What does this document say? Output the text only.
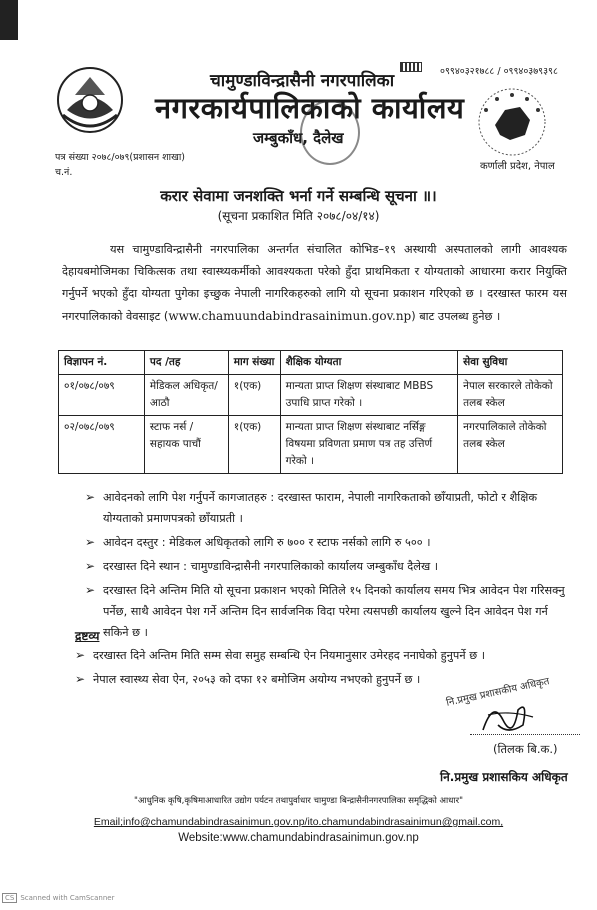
०९९४०३२१७८८ / ०९९४०३७९३९८
चामुण्डाविन्द्रासैनी नगरपालिका
नगरकार्यपालिकाको कार्यालय
जम्बुकाँध, दैलेख
पत्र संख्या २०७८/०७९(प्रशासन शाखा)
च.नं.
कर्णाली प्रदेश, नेपाल
करार सेवामा जनशक्ति भर्ना गर्ने सम्बन्धि सूचना ॥।
(सूचना प्रकाशित मिति २०७८/०४/१४)
यस चामुण्डाविन्द्रासैनी नगरपालिका अन्तर्गत संचालित कोभिड–१९ अस्थायी अस्पतालको लागी आवश्यक देहायबमोजिमका चिकित्सक तथा स्वास्थ्यकर्मीको आवश्यकता परेको हुँदा प्राथमिकता र योग्यताको आधारमा करार नियुक्ति गर्नुपर्ने भएको हुँदा योग्यता पुगेका इच्छुक नेपाली नागरिकहरुको लागि यो सूचना प्रकाशन गरिएको छ । दरखास्त फारम यस नगरपालिकाको वेवसाइट (www.chamuundabindrasainimun.gov.np) बाट उपलब्ध हुनेछ ।
विज्ञापन नं.	पद /तह	माग संख्या	शैक्षिक योग्यता	सेवा सुविधा
०१/०७८/०७९	मेडिकल अधिकृत/आठौ	१(एक)	मान्यता प्राप्त शिक्षण संस्थाबाट MBBS उपाधि प्राप्त गरेको ।	नेपाल सरकारले तोकेको तलब स्केल
०२/०७८/०७९	स्टाफ नर्स /सहायक पाचौं	१(एक)	मान्यता प्राप्त शिक्षण संस्थाबाट नर्सिङ्ग विषयमा प्रविणता प्रमाण पत्र तह उत्तिर्ण गरेको ।	नगरपालिकाले तोकेको तलब स्केल
➢ आवेदनको लागि पेश गर्नुपर्ने कागजातहरु : दरखास्त फाराम, नेपाली नागरिकताको छाँयाप्रती, फोटो र शैक्षिक योग्यताको प्रमाणपत्रको छाँयाप्रती ।
➢ आवेदन दस्तुर : मेडिकल अधिकृतको लागि रु ७०० र स्टाफ नर्सको लागि रु ५०० ।
➢ दरखास्त दिने स्थान : चामुण्डाविन्द्रासैनी नगरपालिकाको कार्यालय जम्बुकाँध दैलेख ।
➢ दरखास्त दिने अन्तिम मिति यो सूचना प्रकाशन भएको मितिले १५ दिनको कार्यालय समय भित्र आवेदन पेश गरिसक्नु पर्नेछ, साथै आवेदन पेश गर्ने अन्तिम दिन सार्वजनिक विदा परेमा त्यसपछी कार्यालय खुल्ने दिन आवेदन पेश गर्न सकिने छ ।
द्रष्टव्य
➢ दरखास्त दिने अन्तिम मिति सम्म सेवा समुह सम्बन्धि ऐन नियमानुसार उमेरहद ननाघेको हुनुपर्ने छ ।
➢ नेपाल स्वास्थ्य सेवा ऐन, २०५३ को दफा १२ बमोजिम अयोग्य नभएको हुनुपर्ने छ ।	नि.प्रमुख प्रशासकीय अधिकृत
(तिलक बि.क.)
नि.प्रमुख प्रशासकिय अधिकृत
"आधुनिक कृषि,कृषिमाआधारित उद्योग पर्यटन तथापुर्वाधार चामुण्डा बिन्द्रासैनीनगरपालिका समृद्धिको आधार"
Email;info@chamundabindrasainimun.gov.np/ito.chamundabindrasainimun@gmail.com,
Website:www.chamundabindrasainimun.gov.np
CS Scanned with CamScanner
